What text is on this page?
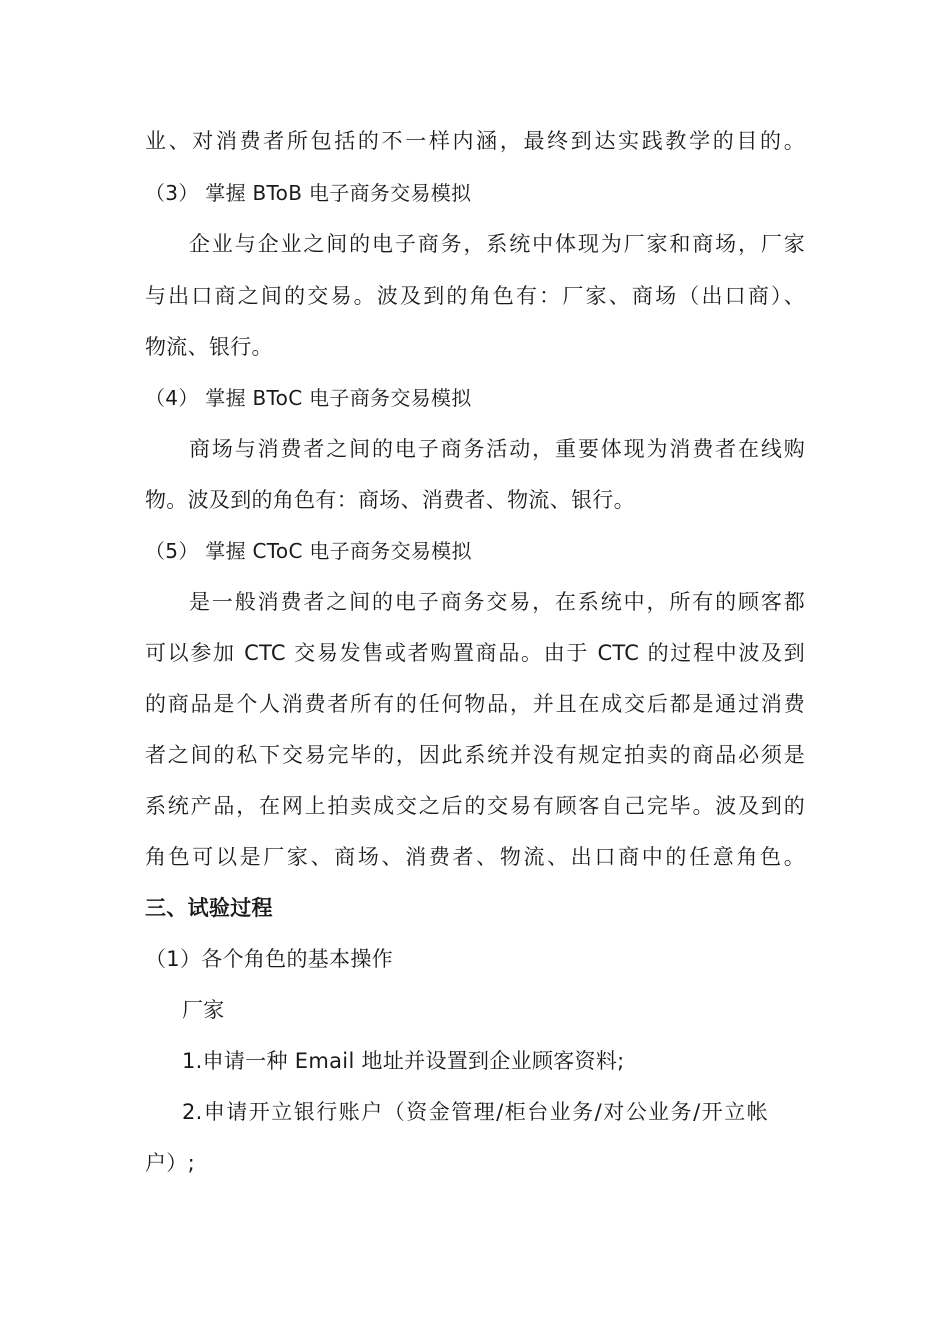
业、对消费者所包括的不一样内涵，最终到达实践教学的目的。
（3） 掌握 BToB 电子商务交易模拟
企业与企业之间的电子商务，系统中体现为厂家和商场，厂家
与出口商之间的交易。波及到的角色有：厂家、商场（出口商）、
物流、银行。
（4） 掌握 BToC 电子商务交易模拟
商场与消费者之间的电子商务活动，重要体现为消费者在线购
物。波及到的角色有：商场、消费者、物流、银行。
（5） 掌握 CToC 电子商务交易模拟
是一般消费者之间的电子商务交易，在系统中，所有的顾客都
可以参加 CTC 交易发售或者购置商品。由于 CTC 的过程中波及到
的商品是个人消费者所有的任何物品，并且在成交后都是通过消费
者之间的私下交易完毕的，因此系统并没有规定拍卖的商品必须是
系统产品，在网上拍卖成交之后的交易有顾客自己完毕。波及到的
角色可以是厂家、商场、消费者、物流、出口商中的任意角色。
三、试验过程
（1）各个角色的基本操作
厂家
1.申请一种 Email 地址并设置到企业顾客资料;
2.申请开立银行账户（资金管理/柜台业务/对公业务/开立帐
户）;
